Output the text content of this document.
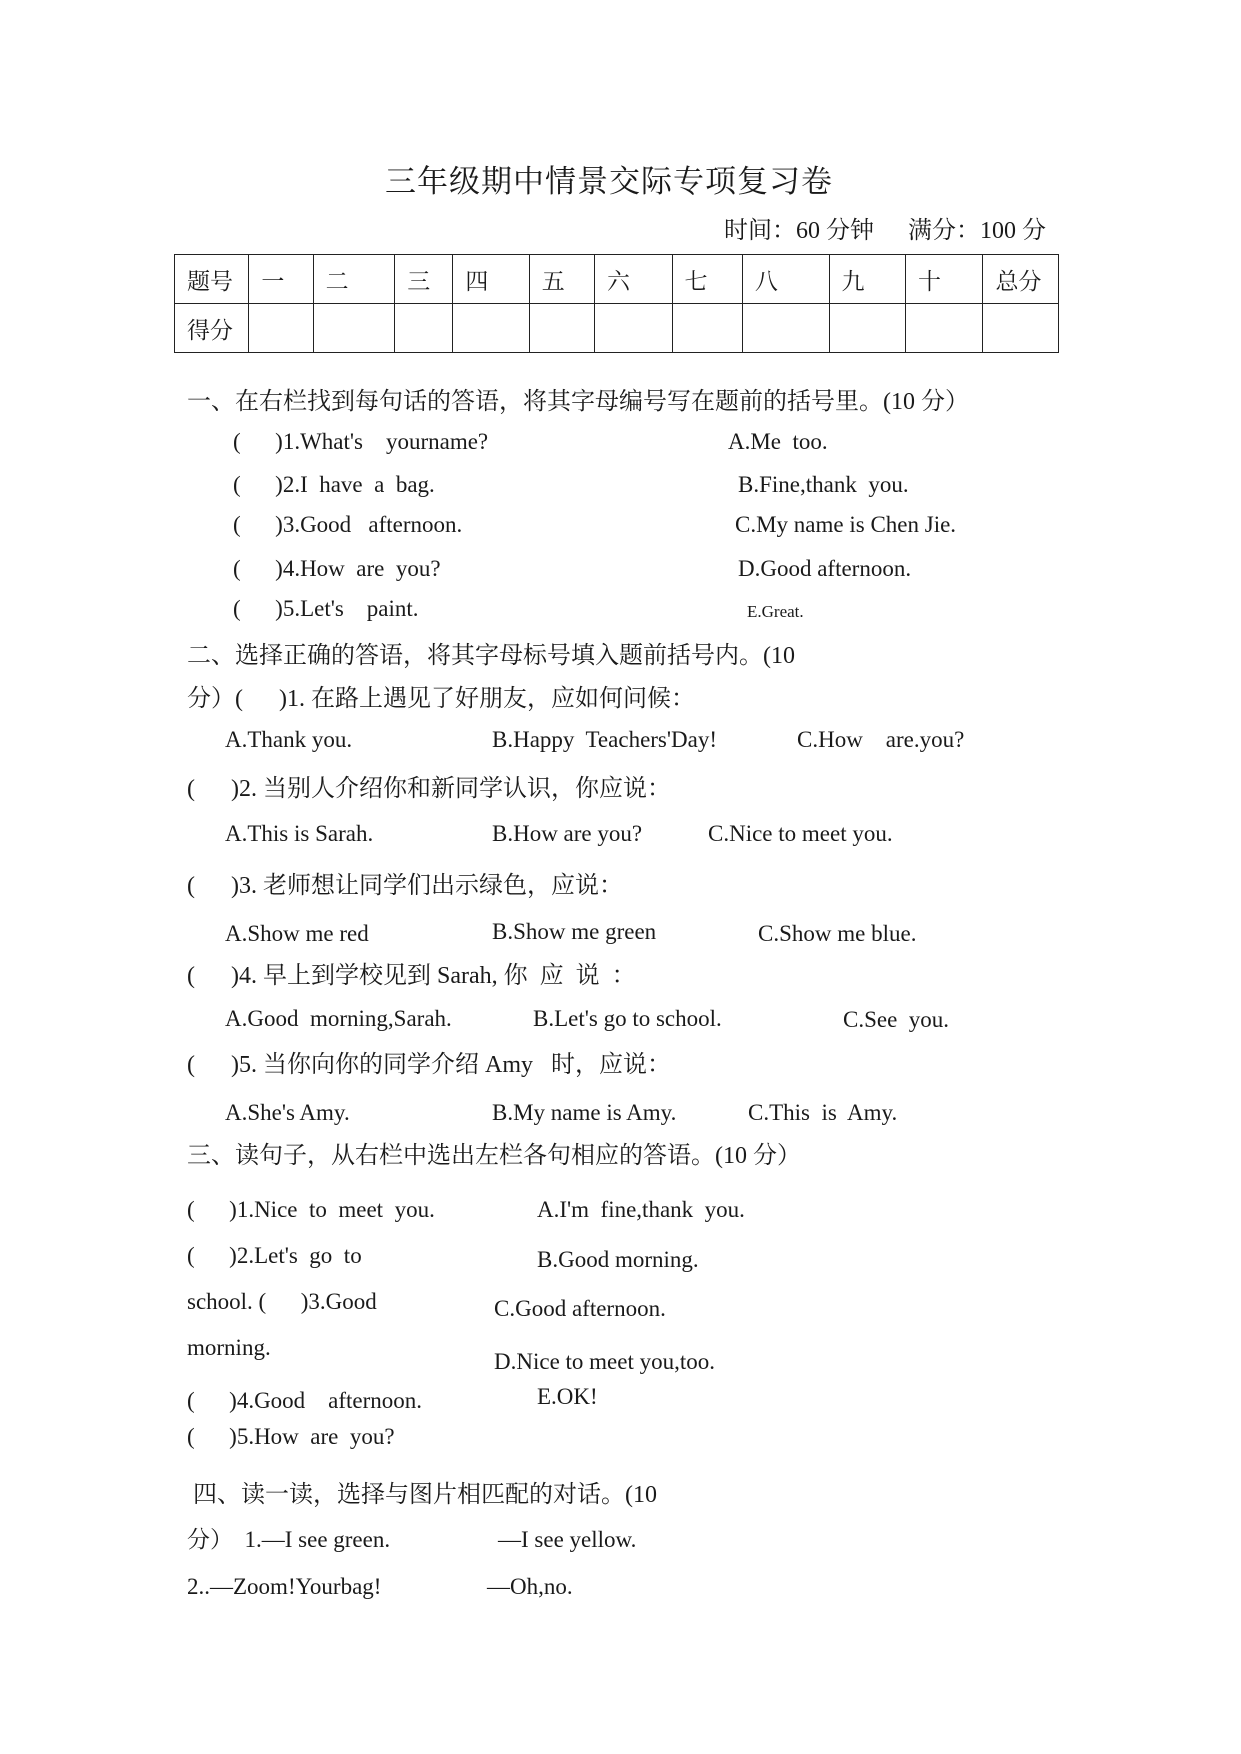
三年级期中情景交际专项复习卷
时间：60 分钟 满分：100 分
题号	一	二	三	四	五	六	七	八	九	十	总分
得分											
一、在右栏找到每句话的答语，将其字母编号写在题前的括号里。(10 分）
(      )1.What's    yourname?
(      )2.I  have  a  bag.
(      )3.Good   afternoon.
(      )4.How  are  you?
(      )5.Let's    paint.
A.Me  too.
B.Fine,thank  you.
C.My name is Chen Jie.
D.Good afternoon.
E.Great.
二、选择正确的答语，将其字母标号填入题前括号内。(10
分）(      )1. 在路上遇见了好朋友，应如何问候：
A.Thank you.	B.Happy  Teachers'Day!	C.How    are.you?
(      )2. 当别人介绍你和新同学认识，你应说：
A.This is Sarah.	B.How are you?	C.Nice to meet you.
(      )3. 老师想让同学们出示绿色，应说：
A.Show me red	B.Show me green	C.Show me blue.
(      )4. 早上到学校见到 Sarah, 你  应  说  ：
A.Good  morning,Sarah.	B.Let's go to school.	C.See  you.
(      )5. 当你向你的同学介绍 Amy   时，应说：
A.She's Amy.	B.My name is Amy.	C.This  is  Amy.
三、读句子，从右栏中选出左栏各句相应的答语。(10 分）
(      )1.Nice  to  meet  you.
(      )2.Let's  go  to
school. (      )3.Good
morning.
(      )4.Good    afternoon.
(      )5.How  are  you?
A.I'm  fine,thank  you.
B.Good morning.
C.Good afternoon.
D.Nice to meet you,too.
E.OK!
四、读一读，选择与图片相匹配的对话。(10
分）  1.—I see green.	—I see yellow.
2..—Zoom!Yourbag!	—Oh,no.
